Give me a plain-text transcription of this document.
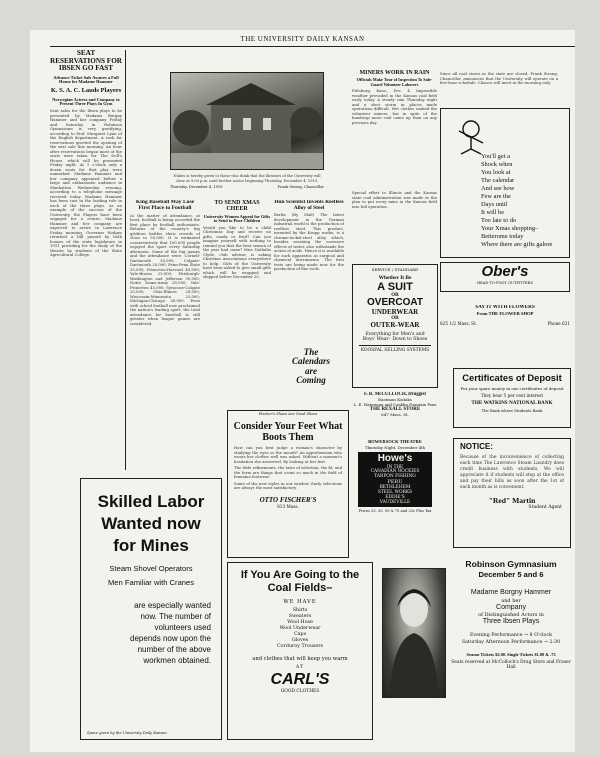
THE UNIVERSITY DAILY KANSAN
SEAT RESERVATIONS FOR IBSEN GO FAST
Advance Ticket Sale Assures a Full House for Madame Hammer
K. S. A. C. Lauds Players
Norwegian Actress and Company to Present Three Plays In Gym
Seat sales for the Ibsen plays to be presented by Madame Borgny Hammer and her company Friday and Saturday in Robinson Gymnasium is very gratifying, according to Prof. Margaret Lynn of the English department. A rush for reservations greeted the opening of the seat sale this morning. An hour after reservations began most of the seats were taken for The Doll's House, which will be presented Friday night. At 1 o'clock only a dozen seats for that play were unmarked. Madame Hammer and her company appeared before a large and enthusiastic audience in Manhattan Wednesday evening, according to a telephone message received today. Madame Hammer has been cast in the leading role in each of the three plays. As an example of the success of the University, the Players have been engaged for a return. Madame Hammer and her company are expected to arrive in Lawrence Friday morning. Governor Hodges returned a bill passed by both houses of the state legislature in 1911 providing for the study of the theater by students of the State Agricultural College.
Nubes is hereby given to those who think that the libraries of the University will close at 9:00 p.m. until further notice beginning Thursday, December 4, 1919.
Thursday, December 4, 1919	Frank Strong, Chancellor
King Baseball May Lose First Place to Football
In the matter of attendance, at least, football is being accorded the first place by football enthusiasts. Returns of the country's big gridiron battles show crowds of close to 50,000. It is estimated conservatively that 100,000 people enjoyed the sport every Saturday afternoon. Some of the big games and the attendance were: Cornell-Dartmouth 35,000; Colgate-Dartmouth 20,000; Penn-Penn State 35,000; Princeton-Harvard 45,000; Yale-Brown 25,000; Pittsburgh-Washington and Jefferson 30,000; Notre Dame-Army 30,000; Yale-Princeton 45,000; Syracuse-Colgate 20,000; Ohio-Illinois 28,000; Wisconsin-Minnesota 25,000; Michigan-Chicago 30,000. Even with school football now proclaimed the nation's leading sport, the total attendance for baseball is still greater when league games are considered.
TO SEND XMAS CHEER
University Women Appeal for Gifts to Send to Poor Children
Would you like to be a child Christmas Day and receive no gifts, candy or fruit? Can you imagine yourself with nothing to remind you that the best season of the year had come? Miss Nathalie Clyde, club advisor, is asking Christian Associations everywhere to help. Girls of the University have been asked to give small gifts which will be wrapped and shipped before December 20.
Hun Scientist Invents Reefless Alloy of Steel
Berlin (By Mail) The latest development in the German industrial world is the production of reefless steel. This product, invented by the Krupp works, is a chrome-nickel-steel alloy which, besides resisting the corrosive effects of water, also withstands the action of acids. Hence it is available for such apparatus as surgical and chemical instruments. The first tests are being made now for the production of fine tools.
The
Calendars
are
Coming
MINERS WORK IN RAIN
Officials Make Tour of Inspection To Safe-Guard Volunteer Laborers
Pittsburg, Kans., Dec. 4. Impossible weather prevailed in the Kansas coal field early today. A steady rain Thursday night and a sleet storm in places made operations difficult. Wet clothes soaked the volunteer miners, but in spite of the handicap more coal came up than on any previous day.
Special effort to Illinois and the Kansas state coal administration was made in the plan to put every mine in the Kansas field into full operation.
Since all coal stores in the state are closed, Frank Strong, Chancellor, announces that the University will operate on a five-hour schedule. Classes will meet in the morning only.
You'll get a
Shock when
You look at
The calendar
And see how
Few are the
Days until
It will be
Too late to do
Your Xmas shopping–
Betterome today
Where there are gifts galore
Ober's
HEAD-TO-FOOT OUTFITTERS
SAY IT WITH FLOWERS
From THE FLOWER SHOP
825 1/2 Mass. St.	Phone 621
SERVICE / STANDARD
Whether It Be
A SUIT
OR
OVERCOAT
UNDERWEAR
OR
OUTER-WEAR
Everything for Men's and Boys' Wear– Down to Shoes
KOOSFAL SELLING SYSTEMS
Certificates of Deposit
Put your spare money in our certificates of deposit
They bear 5 per cent interest
THE WATKINS NATIONAL BANK
The Bank where Students Bank
F. R. McCULLOCH, Druggist
Eastman Kodaks
L. E. Waterman and Conklin Fountain Pens
THE REXALL STORE
847 Mass. St.
BOWERSOCK THEATRE
Thursday Night, December 4th
Howe's
IN THE
CANADIAN ROCKIES
TARPON FISHING
PERU
BETHLEHEM
STEEL WORKS
EDDIE'S
VAUDEVILLE
Prices 25, 35, 50 & 75 and 25c Plus Tax
NOTICE:
Because of the inconvenience of collecting each time The Lawrence Steam Laundry does credit business with students. We will appreciate it if students will stop at the office and pay their bills as soon after the 1st of each month as is convenient.
"Red" Martin
Student Agent
Fischer's Shoes Are Good Shoes
Consider Your Feet What Boots Them
How can you best judge a woman's character by studying the eyes or the mouth? An apprehension who wears her clothes well was asked. Without a moment's hesitation she answered, By looking at her feet.
The little refinements, the taste of selection, the fit, and the form are things that count so much in the field of feminine footwear.
Some of the new styles in our window. Early selections are always the most satisfactory.
OTTO FISCHER'S
813 Mass.
Skilled Labor
Wanted now
for Mines
Steam Shovel Operators
Men Familiar with Cranes
are especially wanted now. The number of volunteers used depends now upon the number of the above workmen obtained.
Space given by the University Daily Kansan
If You Are Going to the Coal Fields–
WE HAVE
Shirts
Sweaters
Wool Hose
Wool Underwear
Caps
Gloves
Corduroy Trousers
and clothes that will keep you warm
AT
CARL'S
GOOD CLOTHES
Robinson Gymnasium
December 5 and 6
Madame Borgny Hammer
and her
Company
of Distinguished Actors in
Three Ibsen Plays
Evening Performance → 8 O'clock
Saturday Afternoon Performance → 2:30
Season Tickets $2.00. Single Tickets $1.00 & .75
Seats reserved at McColloch's Drug Store and Fraser Hall
